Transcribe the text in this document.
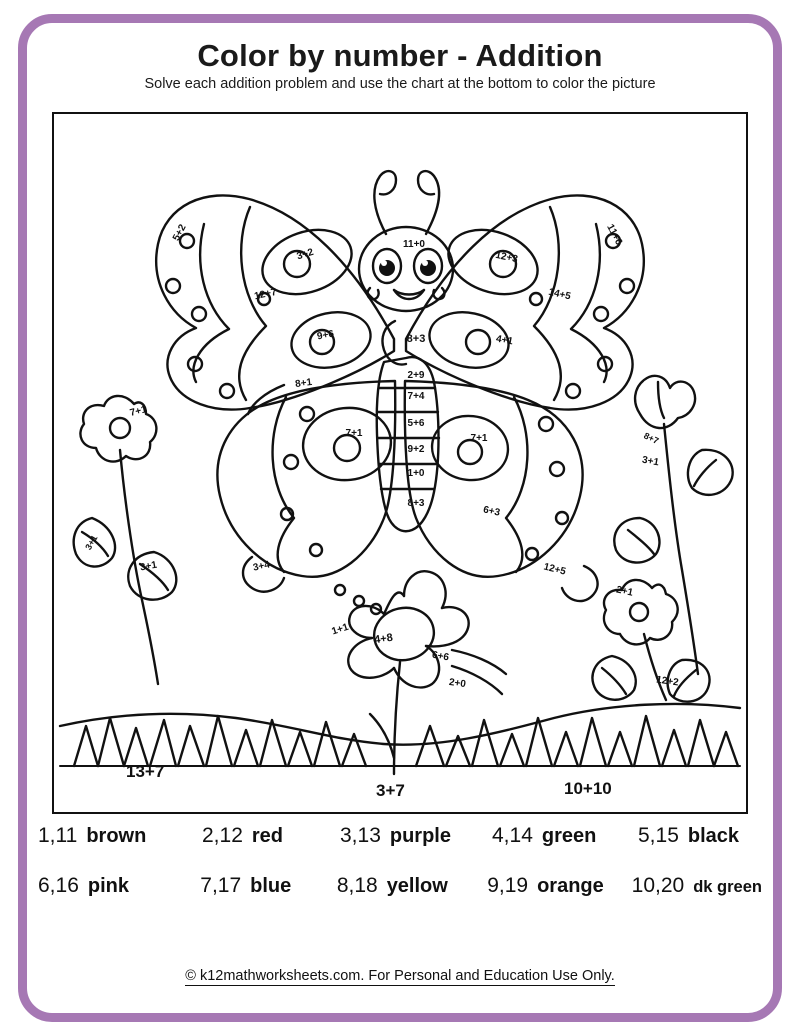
Color by number - Addition
Solve each addition problem and use the chart at the bottom to color the picture
5+2
3+2
12+7
9+6
11+0
12+3
11+6
14+5
4+1
8+3
2+9
7+4
5+6
9+2
1+0
8+3
8+1
7+1	7+1
6+3
3+4	12+5
7+1
3+1
3+1
1+1
4+8
6+6
2+0
8+7
3+1
2+1
12+2
13+7
3+7	10+10
1,11 brown	2,12 red	3,13 purple 4,14 green 5,15 black
6,16 pink	7,17 blue 8,18 yellow 9,19 orange 10,20 dk green
© k12mathworksheets.com. For Personal and Education Use Only.
